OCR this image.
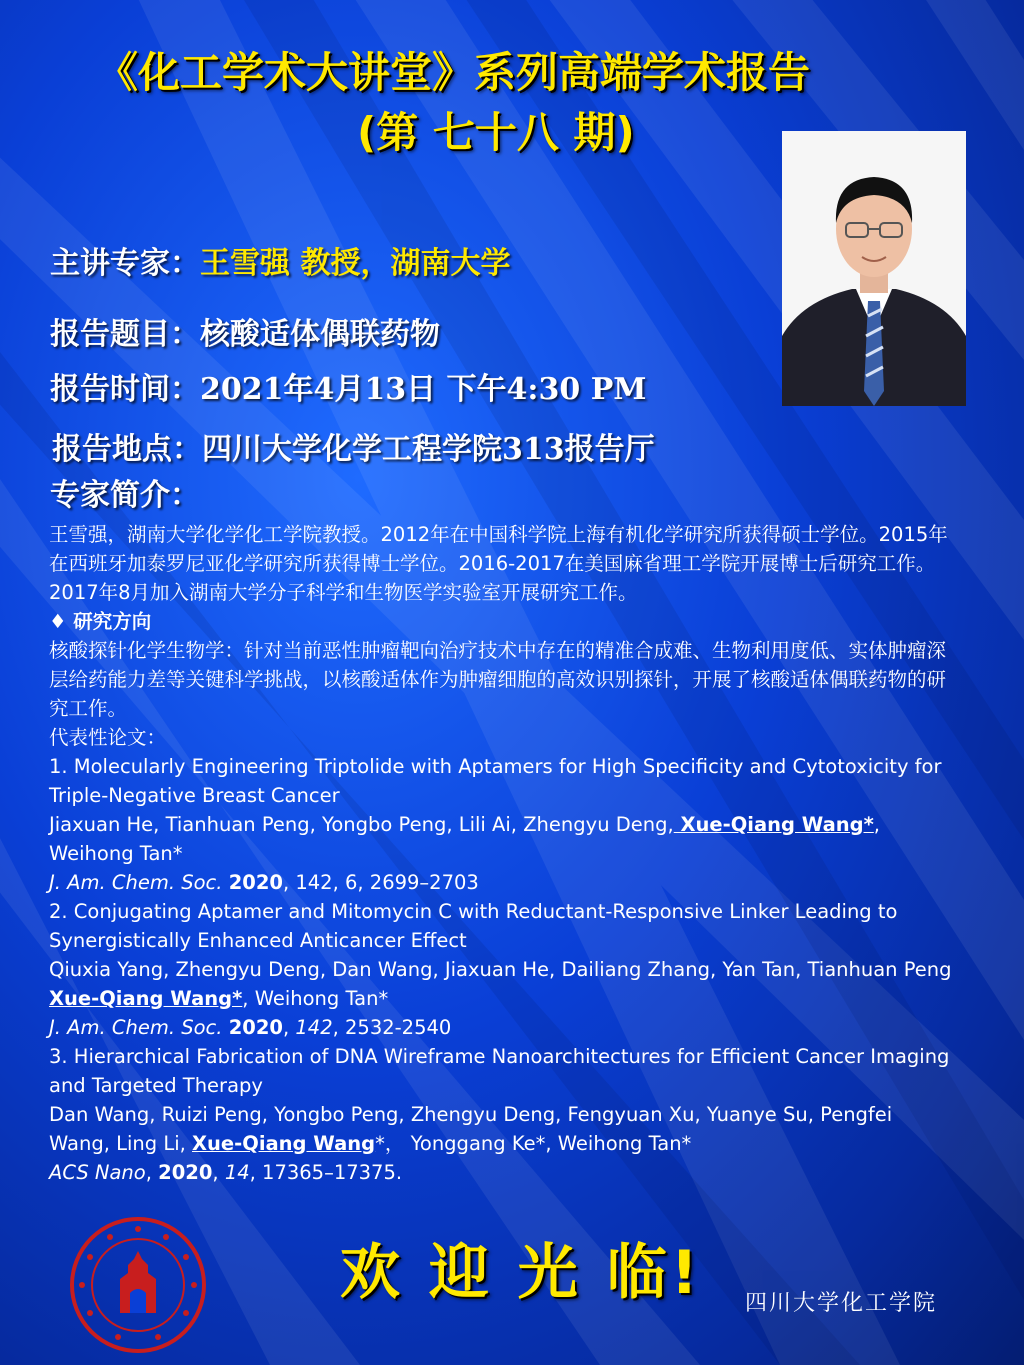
《化工学术大讲堂》系列高端学术报告
(第 七十八 期)
主讲专家：王雪强 教授，湖南大学
报告题目：核酸适体偶联药物
报告时间：2021年4月13日 下午4:30 PM
报告地点：四川大学化学工程学院313报告厅
专家简介：

王雪强，湖南大学化学化工学院教授。2012年在中国科学院上海有机化学研究所获得硕士学位。2015年在西班牙加泰罗尼亚化学研究所获得博士学位。2016-2017在美国麻省理工学院开展博士后研究工作。2017年8月加入湖南大学分子科学和生物医学实验室开展研究工作。

♦ 研究方向

核酸探针化学生物学：针对当前恶性肿瘤靶向治疗技术中存在的精准合成难、生物利用度低、实体肿瘤深层给药能力差等关键科学挑战，以核酸适体作为肿瘤细胞的高效识别探针，开展了核酸适体偶联药物的研究工作。

代表性论文：

1. Molecularly Engineering Triptolide with Aptamers for High Specificity and Cytotoxicity for Triple-Negative Breast Cancer

Jiaxuan He, Tianhuan Peng, Yongbo Peng, Lili Ai, Zhengyu Deng, Xue-Qiang Wang*, Weihong Tan*

J. Am. Chem. Soc. 2020, 142, 6, 2699–2703

2. Conjugating Aptamer and Mitomycin C with Reductant-Responsive Linker Leading to Synergistically Enhanced Anticancer Effect

Qiuxia Yang, Zhengyu Deng, Dan Wang, Jiaxuan He, Dailiang Zhang, Yan Tan, Tianhuan Peng Xue-Qiang Wang*, Weihong Tan*

J. Am. Chem. Soc. 2020, 142, 2532-2540

3. Hierarchical Fabrication of DNA Wireframe Nanoarchitectures for Efficient Cancer Imaging and Targeted Therapy

Dan Wang, Ruizi Peng, Yongbo Peng, Zhengyu Deng, Fengyuan Xu, Yuanye Su, Pengfei Wang, Ling Li, Xue-Qiang Wang*， Yonggang Ke*, Weihong Tan*

ACS Nano, 2020, 14, 17365–17375.

欢 迎 光 临! 四川大学化工学院
